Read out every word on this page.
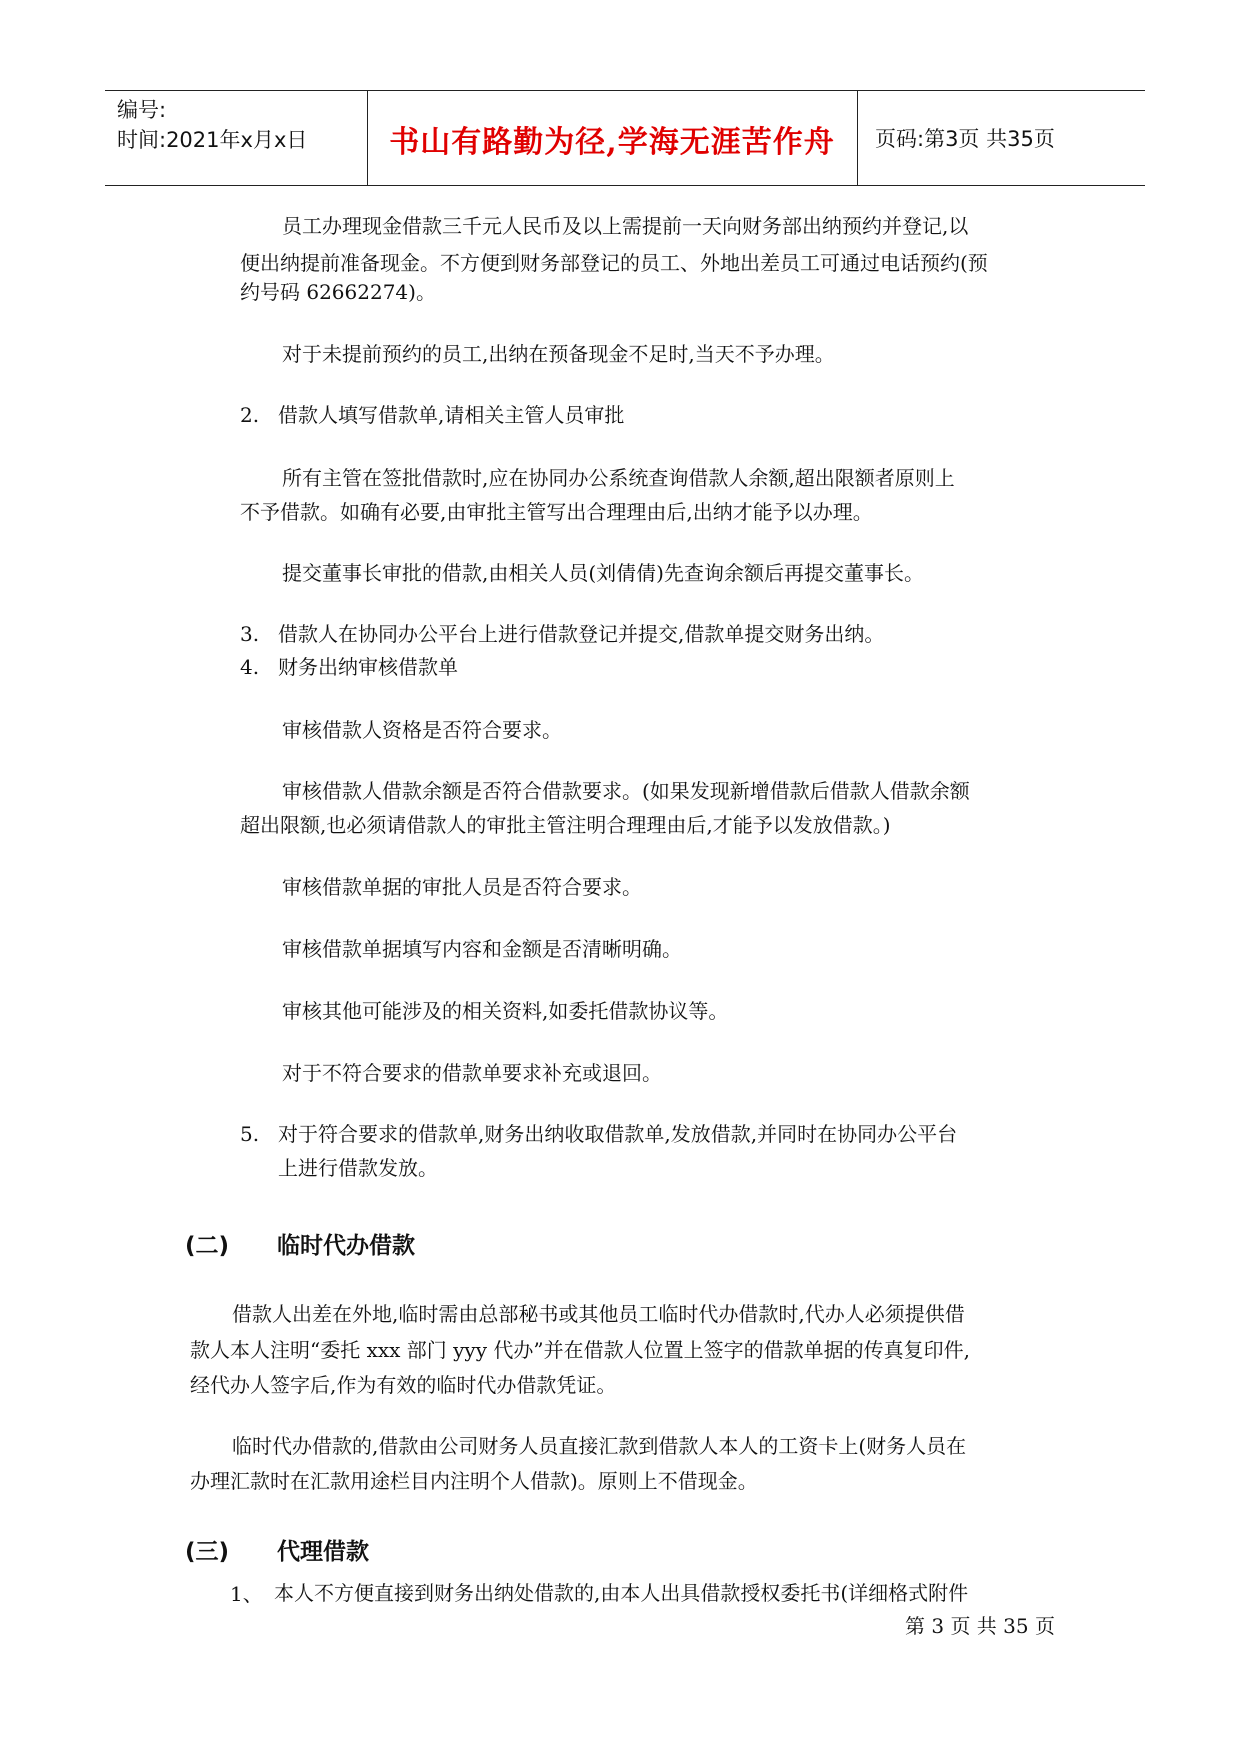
编号:
时间:2021年x月x日	书山有路勤为径,学海无涯苦作舟	页码:第3页 共35页
员工办理现金借款三千元人民币及以上需提前一天向财务部出纳预约并登记,以
便出纳提前准备现金。不方便到财务部登记的员工、外地出差员工可通过电话预约(预
约号码 62662274)。
对于未提前预约的员工,出纳在预备现金不足时,当天不予办理。
2. 借款人填写借款单,请相关主管人员审批
所有主管在签批借款时,应在协同办公系统查询借款人余额,超出限额者原则上
不予借款。如确有必要,由审批主管写出合理理由后,出纳才能予以办理。
提交董事长审批的借款,由相关人员(刘倩倩)先查询余额后再提交董事长。
3. 借款人在协同办公平台上进行借款登记并提交,借款单提交财务出纳。
4. 财务出纳审核借款单
审核借款人资格是否符合要求。
审核借款人借款余额是否符合借款要求。(如果发现新增借款后借款人借款余额
超出限额,也必须请借款人的审批主管注明合理理由后,才能予以发放借款。)
审核借款单据的审批人员是否符合要求。
审核借款单据填写内容和金额是否清晰明确。
审核其他可能涉及的相关资料,如委托借款协议等。
对于不符合要求的借款单要求补充或退回。
5. 对于符合要求的借款单,财务出纳收取借款单,发放借款,并同时在协同办公平台
上进行借款发放。
(二) 临时代办借款
借款人出差在外地,临时需由总部秘书或其他员工临时代办借款时,代办人必须提供借
款人本人注明“委托 xxx 部门 yyy 代办”并在借款人位置上签字的借款单据的传真复印件,
经代办人签字后,作为有效的临时代办借款凭证。
临时代办借款的,借款由公司财务人员直接汇款到借款人本人的工资卡上(财务人员在
办理汇款时在汇款用途栏目内注明个人借款)。原则上不借现金。
(三) 代理借款
1、 本人不方便直接到财务出纳处借款的,由本人出具借款授权委托书(详细格式附件
第 3 页 共 35 页
